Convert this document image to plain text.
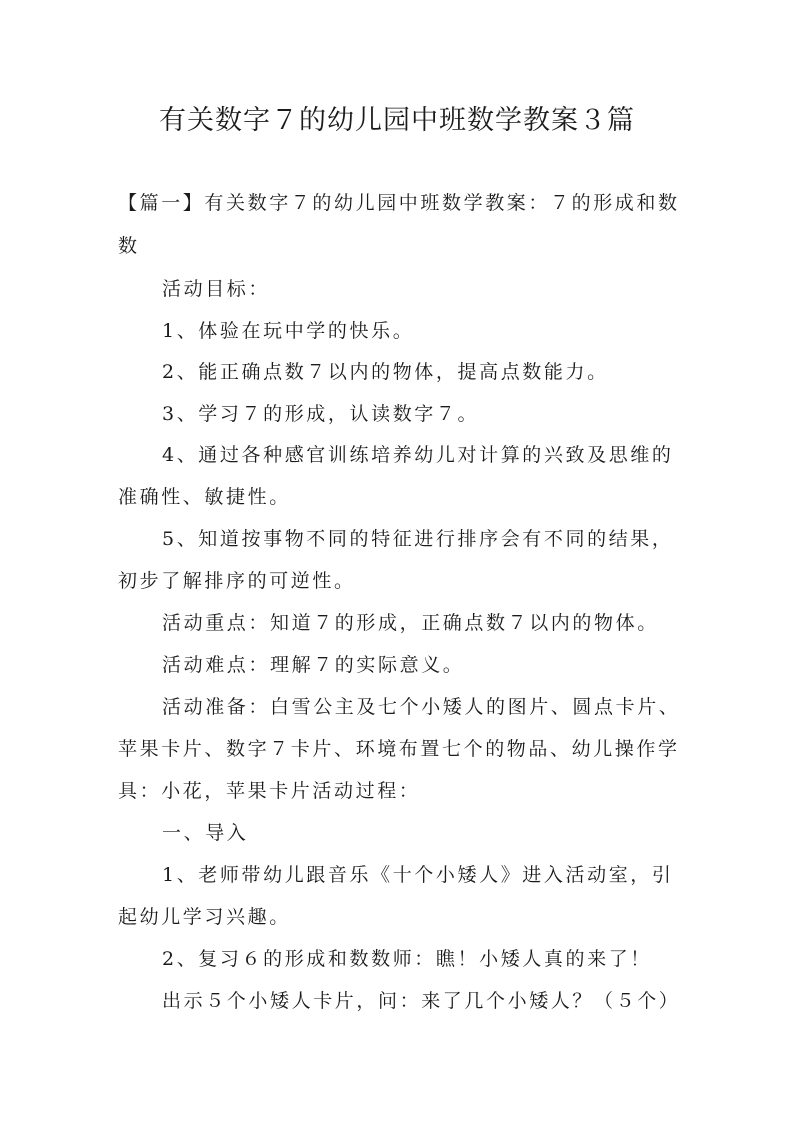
有关数字７的幼儿园中班数学教案３篇

【篇一】有关数字７的幼儿园中班数学教案：７的形成和数

数

活动目标：

1、体验在玩中学的快乐。

2、能正确点数７以内的物体，提高点数能力。

3、学习７的形成，认读数字７。

4、通过各种感官训练培养幼儿对计算的兴致及思维的

准确性、敏捷性。

5、知道按事物不同的特征进行排序会有不同的结果，

初步了解排序的可逆性。

活动重点：知道７的形成，正确点数７以内的物体。

活动难点：理解７的实际意义。

活动准备：白雪公主及七个小矮人的图片、圆点卡片、

苹果卡片、数字７卡片、环境布置七个的物品、幼儿操作学

具：小花，苹果卡片活动过程：

一、导入

1、老师带幼儿跟音乐《十个小矮人》进入活动室，引

起幼儿学习兴趣。

2、复习６的形成和数数师：瞧！小矮人真的来了！

出示５个小矮人卡片，问：来了几个小矮人？（５个）
